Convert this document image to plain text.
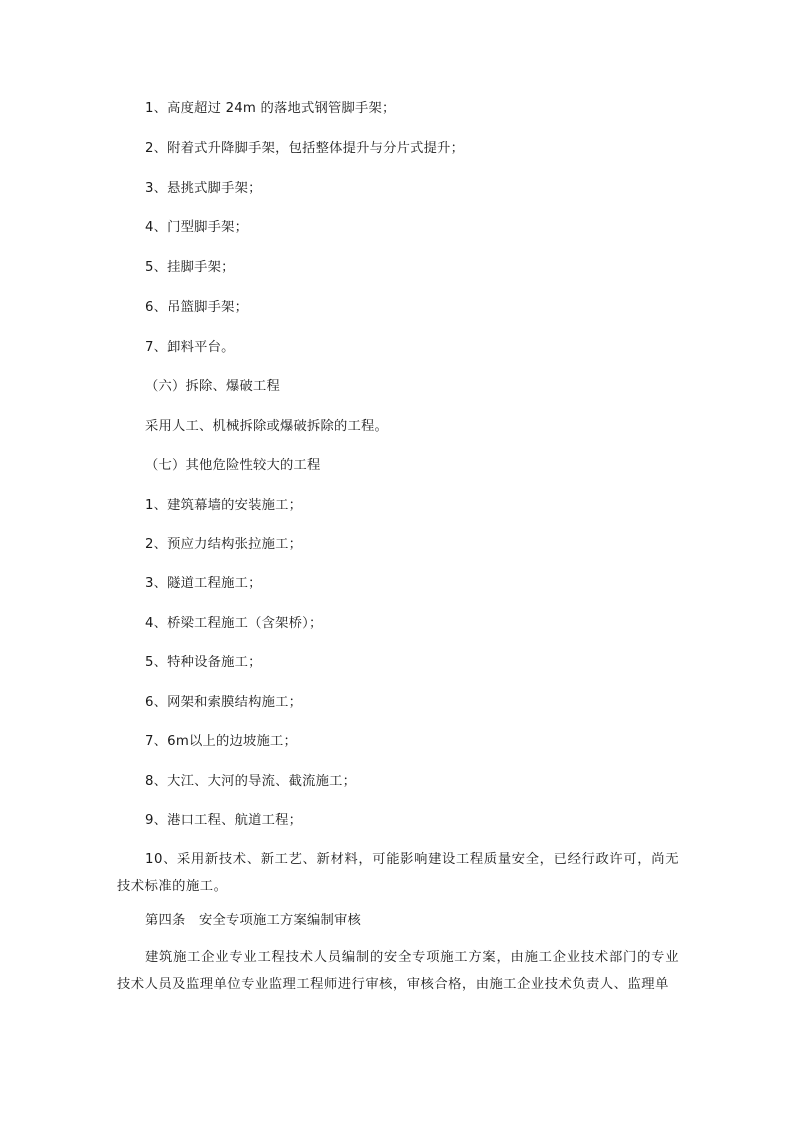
1、高度超过 24m 的落地式钢管脚手架；
2、附着式升降脚手架，包括整体提升与分片式提升；
3、悬挑式脚手架；
4、门型脚手架；
5、挂脚手架；
6、吊篮脚手架；
7、卸料平台。
（六）拆除、爆破工程
采用人工、机械拆除或爆破拆除的工程。
（七）其他危险性较大的工程
1、建筑幕墙的安装施工；
2、预应力结构张拉施工；
3、隧道工程施工；
4、桥梁工程施工（含架桥）；
5、特种设备施工；
6、网架和索膜结构施工；
7、6m以上的边坡施工；
8、大江、大河的导流、截流施工；
9、港口工程、航道工程；
10、采用新技术、新工艺、新材料，可能影响建设工程质量安全，已经行政许可，尚无技术标准的施工。
第四条　安全专项施工方案编制审核
建筑施工企业专业工程技术人员编制的安全专项施工方案，由施工企业技术部门的专业技术人员及监理单位专业监理工程师进行审核，审核合格，由施工企业技术负责人、监理单
